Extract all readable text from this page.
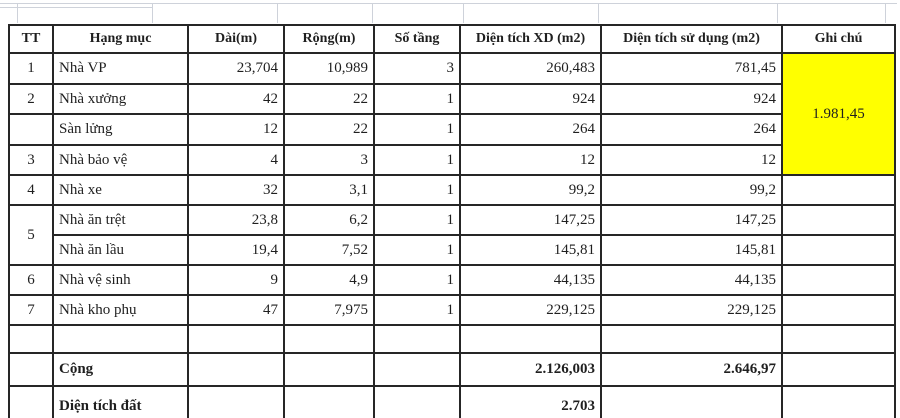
TT	Hạng mục	Dài(m)	Rộng(m)	Số tầng	Diện tích XD (m2)	Diện tích sử dụng (m2)	Ghi chú
1	Nhà VP	23,704	10,989	3	260,483	781,45	1.981,45
2	Nhà xưởng	42	22	1	924	924	
	Sàn lửng	12	22	1	264	264	
3	Nhà bảo vệ	4	3	1	12	12	
4	Nhà xe	32	3,1	1	99,2	99,2	
5	Nhà ăn trệt	23,8	6,2	1	147,25	147,25	
	Nhà ăn lầu	19,4	7,52	1	145,81	145,81	
6	Nhà vệ sinh	9	4,9	1	44,135	44,135	
7	Nhà kho phụ	47	7,975	1	229,125	229,125	

	Cộng				2.126,003	2.646,97	
	Diện tích đất				2.703		
